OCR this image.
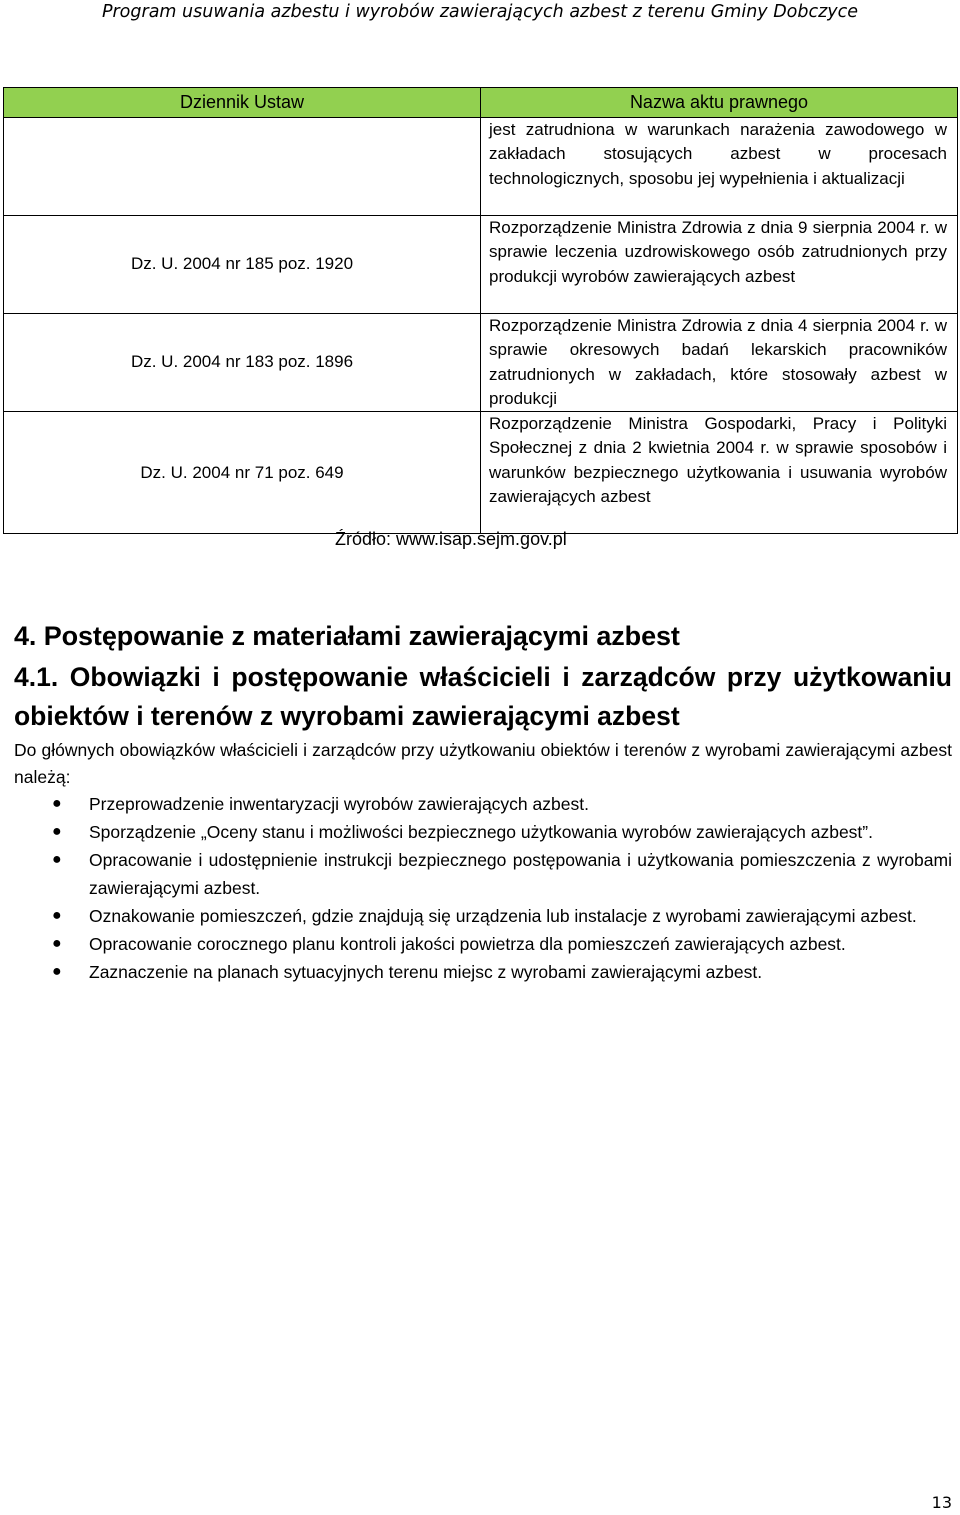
Program usuwania azbestu i wyrobów zawierających azbest z terenu Gminy Dobczyce
Dziennik Ustaw	Nazwa aktu prawnego
	jest zatrudniona w warunkach narażenia zawodowego w zakładach stosujących azbest w procesach technologicznych, sposobu jej wypełnienia i aktualizacji
Dz. U. 2004 nr 185 poz. 1920	Rozporządzenie Ministra Zdrowia z dnia 9 sierpnia 2004 r. w sprawie leczenia uzdrowiskowego osób zatrudnionych przy produkcji wyrobów zawierających azbest
Dz. U. 2004 nr 183 poz. 1896	Rozporządzenie Ministra Zdrowia z dnia 4 sierpnia 2004 r. w sprawie okresowych badań lekarskich pracowników zatrudnionych w zakładach, które stosowały azbest w produkcji
Dz. U. 2004 nr 71 poz. 649	Rozporządzenie Ministra Gospodarki, Pracy i Polityki Społecznej z dnia 2 kwietnia 2004 r. w sprawie sposobów i warunków bezpiecznego użytkowania i usuwania wyrobów zawierających azbest
Źródło: www.isap.sejm.gov.pl
4. Postępowanie z materiałami zawierającymi azbest
4.1. Obowiązki i postępowanie właścicieli i zarządców przy użytkowaniu obiektów i terenów z wyrobami zawierającymi azbest

Do głównych obowiązków właścicieli i zarządców przy użytkowaniu obiektów i terenów z wyrobami zawierającymi azbest należą:

● Przeprowadzenie inwentaryzacji wyrobów zawierających azbest.
● Sporządzenie „Oceny stanu i możliwości bezpiecznego użytkowania wyrobów zawierających azbest”.
● Opracowanie i udostępnienie instrukcji bezpiecznego postępowania i użytkowania pomieszczenia z wyrobami zawierającymi azbest.
● Oznakowanie pomieszczeń, gdzie znajdują się urządzenia lub instalacje z wyrobami zawierającymi azbest.
● Opracowanie corocznego planu kontroli jakości powietrza dla pomieszczeń zawierających azbest.
● Zaznaczenie na planach sytuacyjnych terenu miejsc z wyrobami zawierającymi azbest.
13
